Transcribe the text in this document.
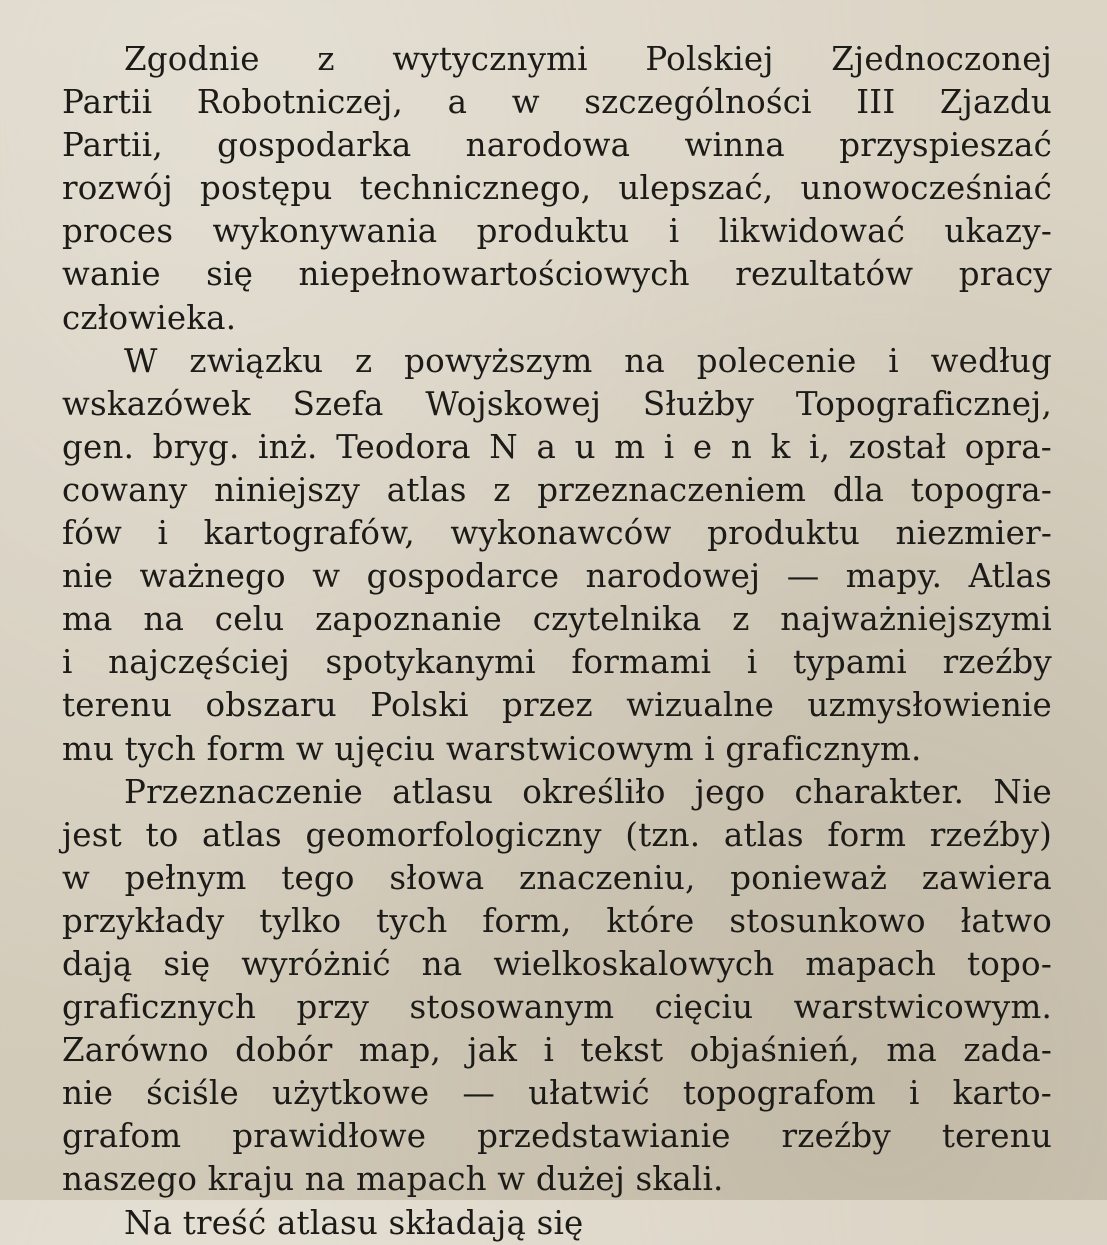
Zgodnie z wytycznymi Polskiej Zjednoczonej
Partii Robotniczej, a w szczególności III Zjazdu
Partii, gospodarka narodowa winna przyspieszać
rozwój postępu technicznego, ulepszać, unowocześniać
proces wykonywania produktu i likwidować ukazy-
wanie się niepełnowartościowych rezultatów pracy
człowieka.
W związku z powyższym na polecenie i według
wskazówek Szefa Wojskowej Służby Topograficznej,
gen. bryg. inż. Teodora N a u m i e n k i, został opra-
cowany niniejszy atlas z przeznaczeniem dla topogra-
fów i kartografów, wykonawców produktu niezmier-
nie ważnego w gospodarce narodowej — mapy. Atlas
ma na celu zapoznanie czytelnika z najważniejszymi
i najczęściej spotykanymi formami i typami rzeźby
terenu obszaru Polski przez wizualne uzmysłowienie
mu tych form w ujęciu warstwicowym i graficznym.
Przeznaczenie atlasu określiło jego charakter. Nie
jest to atlas geomorfologiczny (tzn. atlas form rzeźby)
w pełnym tego słowa znaczeniu, ponieważ zawiera
przykłady tylko tych form, które stosunkowo łatwo
dają się wyróżnić na wielkoskalowych mapach topo-
graficznych przy stosowanym cięciu warstwicowym.
Zarówno dobór map, jak i tekst objaśnień, ma zada-
nie ściśle użytkowe — ułatwić topografom i karto-
grafom prawidłowe przedstawianie rzeźby terenu
naszego kraju na mapach w dużej skali.
Na treść atlasu składają się
